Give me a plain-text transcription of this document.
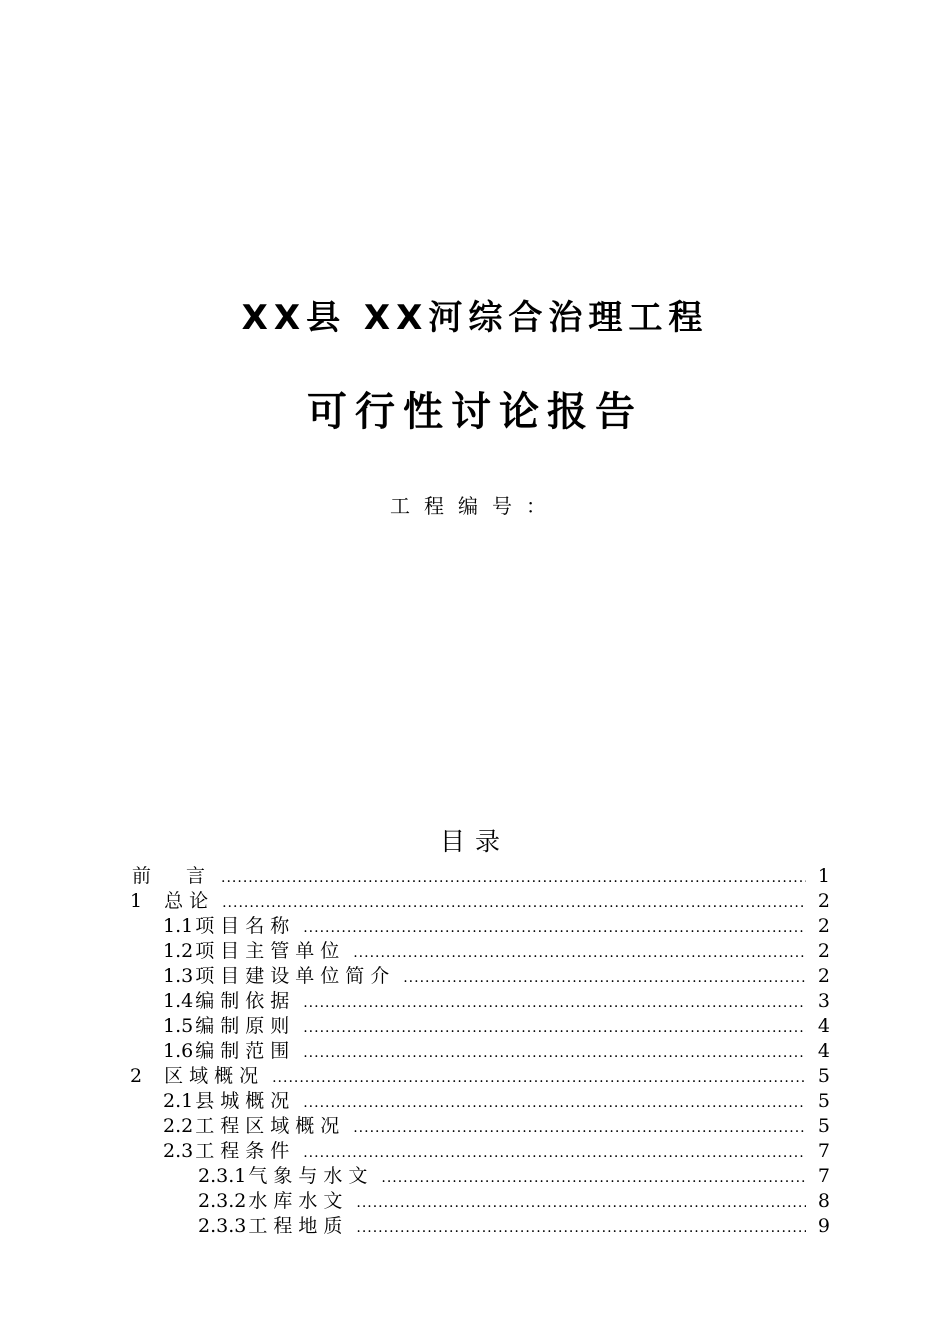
XX县 XX河综合治理工程
可行性讨论报告
工程编号：
目录
前　言 .....	1
1 总论 .....	2
1.1 项目名称 .....	2
1.2 项目主管单位 .....	2
1.3 项目建设单位简介 .....	2
1.4 编制依据 .....	3
1.5 编制原则 .....	4
1.6 编制范围 .....	4
2 区域概况 .....	5
2.1 县城概况 .....	5
2.2 工程区域概况 .....	5
2.3 工程条件 .....	7
2.3.1 气象与水文 .....	7
2.3.2 水库水文 .....	8
2.3.3 工程地质 .....	9
